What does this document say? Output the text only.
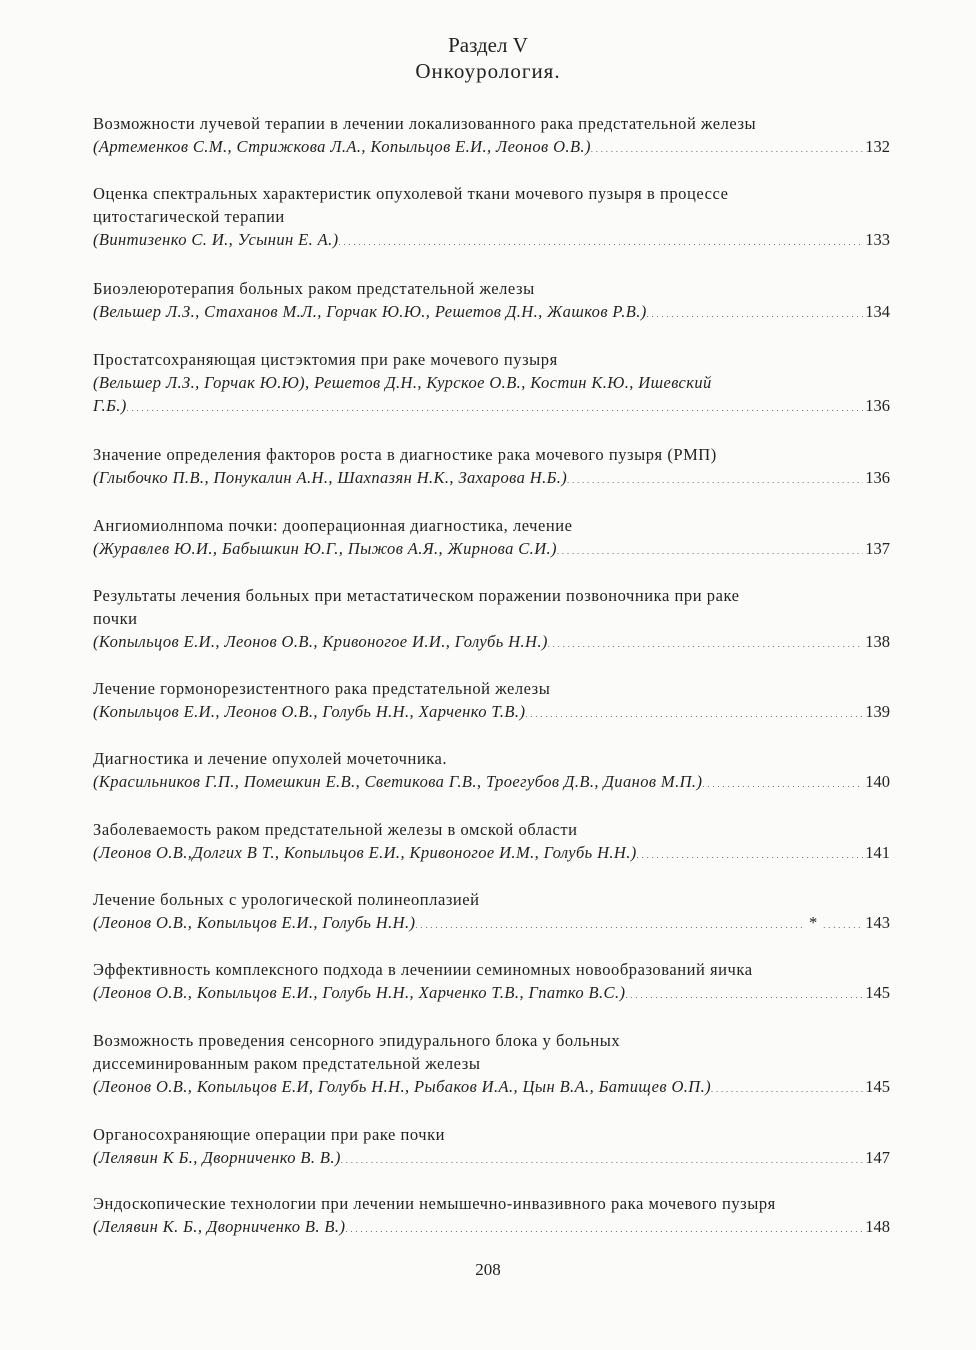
Раздел V
Онкоурология.
Возможности лучевой терапии в лечении локализованного рака предстательной железы
(Артеменков С.М., Стрижкова Л.А., Копыльцов Е.И., Леонов О.В.) . . .	132
Оценка спектральных характеристик опухолевой ткани мочевого пузыря в процессе
цитостагической терапии
(Винтизенко С. И., Усынин Е. А.) . . .	133
Биоэлеюротерапия больных раком предстательной железы
(Вельшер Л.З., Стаханов М.Л., Горчак Ю.Ю., Решетов Д.Н., Жашков Р.В.) . . .	134
Простатсохраняющая цистэктомия при раке мочевого пузыря
(Вельшер Л.З., Горчак Ю.Ю), Решетов Д.Н., Курское О.В., Костин К.Ю., Ишевский
Г.Б.) . . .	136
Значение определения факторов роста в диагностике рака мочевого пузыря (РМП)
(Глыбочко П.В., Понукалин А.Н., Шахпазян Н.К., Захарова Н.Б.) . . .	136
Ангиомиолнпома почки: дооперационная диагностика, лечение
(Журавлев Ю.И., Бабышкин Ю.Г., Пыжов А.Я., Жирнова С.И.) . . .	137
Результаты лечения больных при метастатическом поражении позвоночника при раке
почки
(Копыльцов Е.И., Леонов О.В., Кривоногое И.И., Голубь Н.Н.) . . .	138
Лечение гормонорезистентного рака предстательной железы
(Копыльцов Е.И., Леонов О.В., Голубь Н.Н., Харченко Т.В.) . . .	139
Диагностика и лечение опухолей мочеточника.
(Красильников Г.П., Помешкин Е.В., Светикова Г.В., Троегубов Д.В., Дианов М.П.) . . .	140
Заболеваемость раком предстательной железы в омской области
(Леонов О.В.,Долгих В Т., Копыльцов Е.И., Кривоногое И.М., Голубь Н.Н.) . . .	141
Лечение больных с урологической полинеоплазией
(Леонов О.В., Копыльцов Е.И., Голубь Н.Н.) . . .	* . . .	143
Эффективность комплексного подхода в лечениии семиномных новообразований яичка
(Леонов О.В., Копыльцов Е.И., Голубь Н.Н., Харченко Т.В., Гпатко В.С.) . . .	145
Возможность проведения сенсорного эпидурального блока у больных
диссеминированным раком предстательной железы
(Леонов О.В., Копыльцов Е.И, Голубь Н.Н., Рыбаков И.А., Цын В.А., Батищев О.П.) . . .	145
Органосохраняющие операции при раке почки
(Лелявин К Б., Дворниченко В. В.) . . .	147
Эндоскопические технологии при лечении немышечно-инвазивного рака мочевого пузыря
(Лелявин К. Б., Дворниченко В. В.) . . .	148
208
